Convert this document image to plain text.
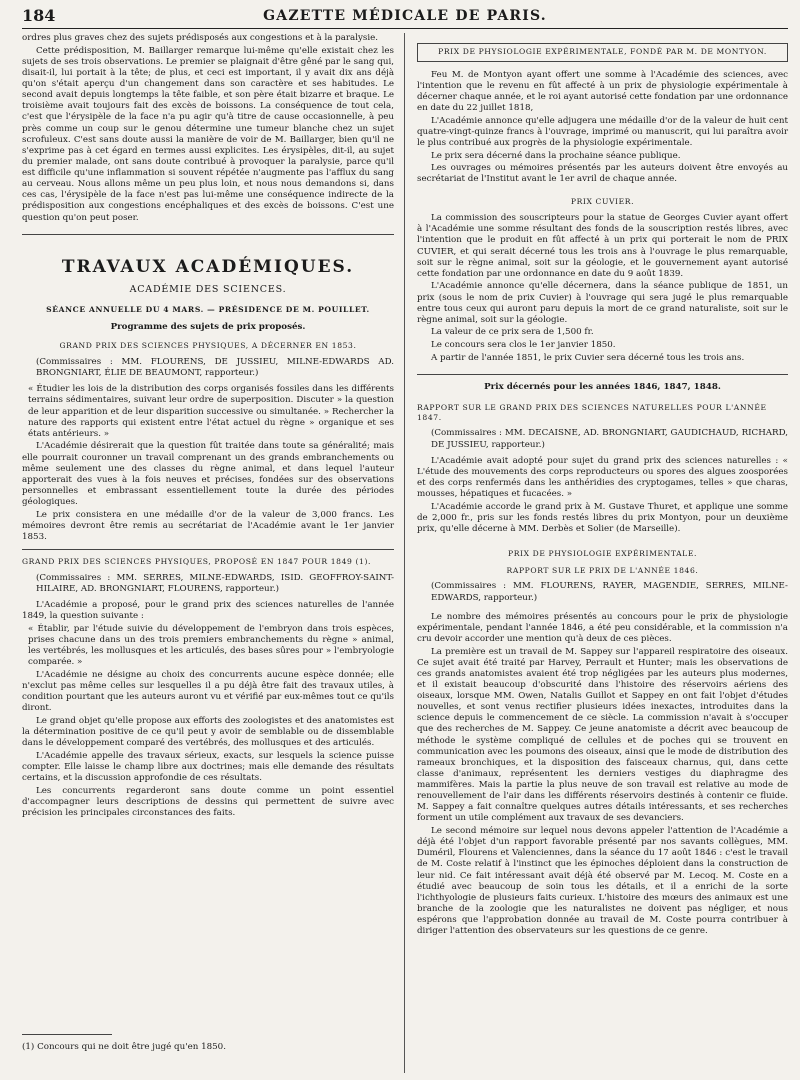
184	GAZETTE MÉDICALE DE PARIS.

ordres plus graves chez des sujets prédisposés aux congestions et à la paralysie.

Cette prédisposition, M. Baillarger remarque lui-même qu'elle existait chez les sujets de ses trois observations. Le premier se plaignait d'être gêné par le sang qui, disait-il, lui portait à la tête; de plus, et ceci est important, il y avait dix ans déjà qu'on s'était aperçu d'un changement dans son caractère et ses habitudes. Le second avait depuis longtemps la tête faible, et son père était bizarre et braque. Le troisième avait toujours fait des excès de boissons. La conséquence de tout cela, c'est que l'érysipèle de la face n'a pu agir qu'à titre de cause occasionnelle, à peu près comme un coup sur le genou détermine une tumeur blanche chez un sujet scrofuleux. C'est sans doute aussi la manière de voir de M. Baillarger, bien qu'il ne s'exprime pas à cet égard en termes aussi explicites. Les érysipèles, dit-il, au sujet du premier malade, ont sans doute contribué à provoquer la paralysie, parce qu'il est difficile qu'une inflammation si souvent répétée n'augmente pas l'afflux du sang au cerveau. Nous allons même un peu plus loin, et nous nous demandons si, dans ces cas, l'érysipèle de la face n'est pas lui-même une conséquence indirecte de la prédisposition aux congestions encéphaliques et des excès de boissons. C'est une question qu'on peut poser.

TRAVAUX ACADÉMIQUES.

ACADÉMIE DES SCIENCES.

SÉANCE ANNUELLE DU 4 MARS. — PRÉSIDENCE DE M. POUILLET.

Programme des sujets de prix proposés.

GRAND PRIX DES SCIENCES PHYSIQUES, A DÉCERNER EN 1853.

(Commissaires : MM. FLOURENS, DE JUSSIEU, MILNE-EDWARDS AD. BRONGNIART, ÉLIE DE BEAUMONT, rapporteur.)

« Étudier les lois de la distribution des corps organisés fossiles dans les différents terrains sédimentaires, suivant leur ordre de superposition. Discuter » la question de leur apparition et de leur disparition successive ou simultanée. » Rechercher la nature des rapports qui existent entre l'état actuel du règne » organique et ses états antérieurs. »

L'Académie désirerait que la question fût traitée dans toute sa généralité; mais elle pourrait couronner un travail comprenant un des grands embranchements ou même seulement une des classes du règne animal, et dans lequel l'auteur apporterait des vues à la fois neuves et précises, fondées sur des observations personnelles et embrassant essentiellement toute la durée des périodes géologiques.

Le prix consistera en une médaille d'or de la valeur de 3,000 francs. Les mémoires devront être remis au secrétariat de l'Académie avant le 1er janvier 1853.

GRAND PRIX DES SCIENCES PHYSIQUES, PROPOSÉ EN 1847 POUR 1849 (1).

(Commissaires : MM. SERRES, MILNE-EDWARDS, ISID. GEOFFROY-SAINT-HILAIRE, AD. BRONGNIART, FLOURENS, rapporteur.)

L'Académie a proposé, pour le grand prix des sciences naturelles de l'année 1849, la question suivante :

« Établir, par l'étude suivie du développement de l'embryon dans trois espèces, prises chacune dans un des trois premiers embranchements du règne » animal, les vertébrés, les mollusques et les articulés, des bases sûres pour » l'embryologie comparée. »

L'Académie ne désigne au choix des concurrents aucune espèce donnée; elle n'exclut pas même celles sur lesquelles il a pu déjà être fait des travaux utiles, à condition pourtant que les auteurs auront vu et vérifié par eux-mêmes tout ce qu'ils diront.

Le grand objet qu'elle propose aux efforts des zoologistes et des anatomistes est la détermination positive de ce qu'il peut y avoir de semblable ou de dissemblable dans le développement comparé des vertébrés, des mollusques et des articulés.

L'Académie appelle des travaux sérieux, exacts, sur lesquels la science puisse compter. Elle laisse le champ libre aux doctrines; mais elle demande des résultats certains, et la discussion approfondie de ces résultats.

Les concurrents regarderont sans doute comme un point essentiel d'accompagner leurs descriptions de dessins qui permettent de suivre avec précision les principales circonstances des faits.

PRIX DE PHYSIOLOGIE EXPÉRIMENTALE, FONDÉ PAR M. DE MONTYON.

Feu M. de Montyon ayant offert une somme à l'Académie des sciences, avec l'intention que le revenu en fût affecté à un prix de physiologie expérimentale à décerner chaque année, et le roi ayant autorisé cette fondation par une ordonnance en date du 22 juillet 1818,

L'Académie annonce qu'elle adjugera une médaille d'or de la valeur de huit cent quatre-vingt-quinze francs à l'ouvrage, imprimé ou manuscrit, qui lui paraîtra avoir le plus contribué aux progrès de la physiologie expérimentale.

Le prix sera décerné dans la prochaine séance publique.

Les ouvrages ou mémoires présentés par les auteurs doivent être envoyés au secrétariat de l'Institut avant le 1er avril de chaque année.

PRIX CUVIER.

La commission des souscripteurs pour la statue de Georges Cuvier ayant offert à l'Académie une somme résultant des fonds de la souscription restés libres, avec l'intention que le produit en fût affecté à un prix qui porterait le nom de PRIX CUVIER, et qui serait décerné tous les trois ans à l'ouvrage le plus remarquable, soit sur le règne animal, soit sur la géologie, et le gouvernement ayant autorisé cette fondation par une ordonnance en date du 9 août 1839.

L'Académie annonce qu'elle décernera, dans la séance publique de 1851, un prix (sous le nom de prix Cuvier) à l'ouvrage qui sera jugé le plus remarquable entre tous ceux qui auront paru depuis la mort de ce grand naturaliste, soit sur le règne animal, soit sur la géologie.

La valeur de ce prix sera de 1,500 fr.

Le concours sera clos le 1er janvier 1850.

A partir de l'année 1851, le prix Cuvier sera décerné tous les trois ans.

Prix décernés pour les années 1846, 1847, 1848.

RAPPORT SUR LE GRAND PRIX DES SCIENCES NATURELLES POUR L'ANNÉE 1847.

(Commissaires : MM. DECAISNE, AD. BRONGNIART, GAUDICHAUD, RICHARD, DE JUSSIEU, rapporteur.)

L'Académie avait adopté pour sujet du grand prix des sciences naturelles : « L'étude des mouvements des corps reproducteurs ou spores des algues zoosporées et des corps renfermés dans les anthéridies des cryptogames, telles » que charas, mousses, hépatiques et fucacées. »

L'Académie accorde le grand prix à M. Gustave Thuret, et applique une somme de 2,000 fr., pris sur les fonds restés libres du prix Montyon, pour un deuxième prix, qu'elle décerne à MM. Derbès et Solier (de Marseille).

PRIX DE PHYSIOLOGIE EXPÉRIMENTALE.

RAPPORT SUR LE PRIX DE L'ANNÉE 1846.

(Commissaires : MM. FLOURENS, RAYER, MAGENDIE, SERRES, MILNE-EDWARDS, rapporteur.)

Le nombre des mémoires présentés au concours pour le prix de physiologie expérimentale, pendant l'année 1846, a été peu considérable, et la commission n'a cru devoir accorder une mention qu'à deux de ces pièces.

La première est un travail de M. Sappey sur l'appareil respiratoire des oiseaux. Ce sujet avait été traité par Harvey, Perrault et Hunter; mais les observations de ces grands anatomistes avaient été trop négligées par les auteurs plus modernes, et il existait beaucoup d'obscurité dans l'histoire des réservoirs aériens des oiseaux, lorsque MM. Owen, Natalis Guillot et Sappey en ont fait l'objet d'études nouvelles, et sont venus rectifier plusieurs idées inexactes, introduites dans la science depuis le commencement de ce siècle. La commission n'avait à s'occuper que des recherches de M. Sappey. Ce jeune anatomiste a décrit avec beaucoup de méthode le système compliqué de cellules et de poches qui se trouvent en communication avec les poumons des oiseaux, ainsi que le mode de distribution des rameaux bronchiques, et la disposition des faisceaux charnus, qui, dans cette classe d'animaux, représentent les derniers vestiges du diaphragme des mammifères. Mais la partie la plus neuve de son travail est relative au mode de renouvellement de l'air dans les différents réservoirs destinés à contenir ce fluide. M. Sappey a fait connaître quelques autres détails intéressants, et ses recherches forment un utile complément aux travaux de ses devanciers.

Le second mémoire sur lequel nous devons appeler l'attention de l'Académie a déjà été l'objet d'un rapport favorable présenté par nos savants collègues, MM. Duméril, Flourens et Valenciennes, dans la séance du 17 août 1846 : c'est le travail de M. Coste relatif à l'instinct que les épinoches déploient dans la construction de leur nid. Ce fait intéressant avait déjà été observé par M. Lecoq. M. Coste en a étudié avec beaucoup de soin tous les détails, et il a enrichi de la sorte l'ichthyologie de plusieurs faits curieux. L'histoire des mœurs des animaux est une branche de la zoologie que les naturalistes ne doivent pas négliger, et nous espérons que l'approbation donnée au travail de M. Coste pourra contribuer à diriger l'attention des observateurs sur les questions de ce genre.

(1) Concours qui ne doit être jugé qu'en 1850.
